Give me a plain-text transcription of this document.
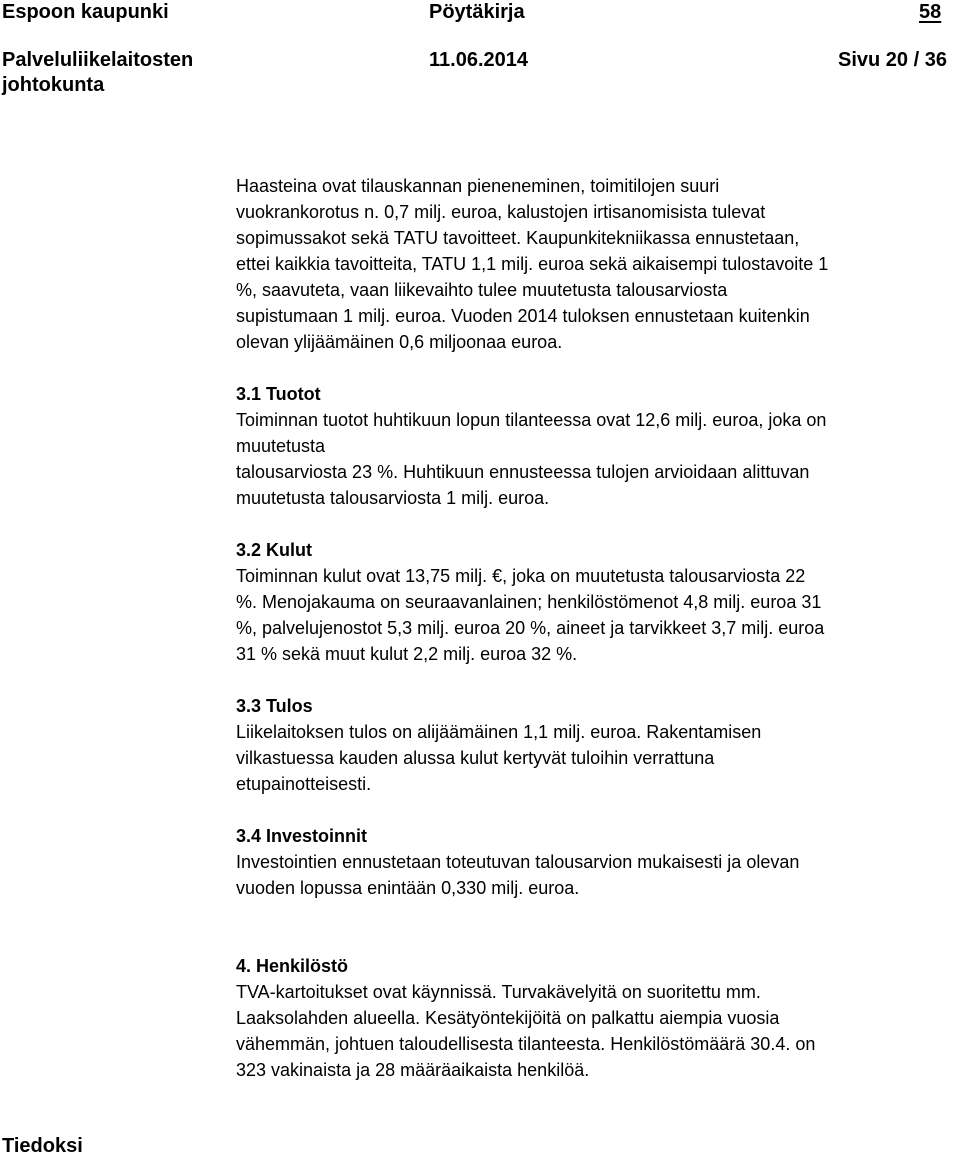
Espoon kaupunki	Pöytäkirja	58
Palveluliikelaitosten
johtokunta
11.06.2014	Sivu 20 / 36

Haasteina ovat tilauskannan pieneneminen, toimitilojen suuri
vuokrankorotus n. 0,7 milj. euroa, kalustojen irtisanomisista tulevat
sopimussakot sekä TATU tavoitteet. Kaupunkitekniikassa ennustetaan,
ettei kaikkia tavoitteita, TATU 1,1 milj. euroa sekä aikaisempi tulostavoite 1
%, saavuteta, vaan liikevaihto tulee muutetusta talousarviosta
supistumaan 1 milj. euroa. Vuoden 2014 tuloksen ennustetaan kuitenkin
olevan ylijäämäinen 0,6 miljoonaa euroa.

3.1 Tuotot

Toiminnan tuotot huhtikuun lopun tilanteessa ovat 12,6 milj. euroa, joka on
muutetusta
talousarviosta 23 %. Huhtikuun ennusteessa tulojen arvioidaan alittuvan
muutetusta talousarviosta 1 milj. euroa.

3.2 Kulut

Toiminnan kulut ovat 13,75 milj. €, joka on muutetusta talousarviosta 22
%. Menojakauma on seuraavanlainen; henkilöstömenot 4,8 milj. euroa 31
%, palvelujenostot 5,3 milj. euroa 20 %, aineet ja tarvikkeet 3,7 milj. euroa
31 % sekä muut kulut 2,2 milj. euroa 32 %.

3.3 Tulos

Liikelaitoksen tulos on alijäämäinen 1,1 milj. euroa. Rakentamisen
vilkastuessa kauden alussa kulut kertyvät tuloihin verrattuna
etupainotteisesti.

3.4 Investoinnit

Investointien ennustetaan toteutuvan talousarvion mukaisesti ja olevan
vuoden lopussa enintään 0,330 milj. euroa.

4. Henkilöstö

TVA-kartoitukset ovat käynnissä. Turvakävelyitä on suoritettu mm.
Laaksolahden alueella. Kesätyöntekijöitä on palkattu aiempia vuosia
vähemmän, johtuen taloudellisesta tilanteesta. Henkilöstömäärä 30.4. on
323 vakinaista ja 28 määräaikaista henkilöä.

Tiedoksi
